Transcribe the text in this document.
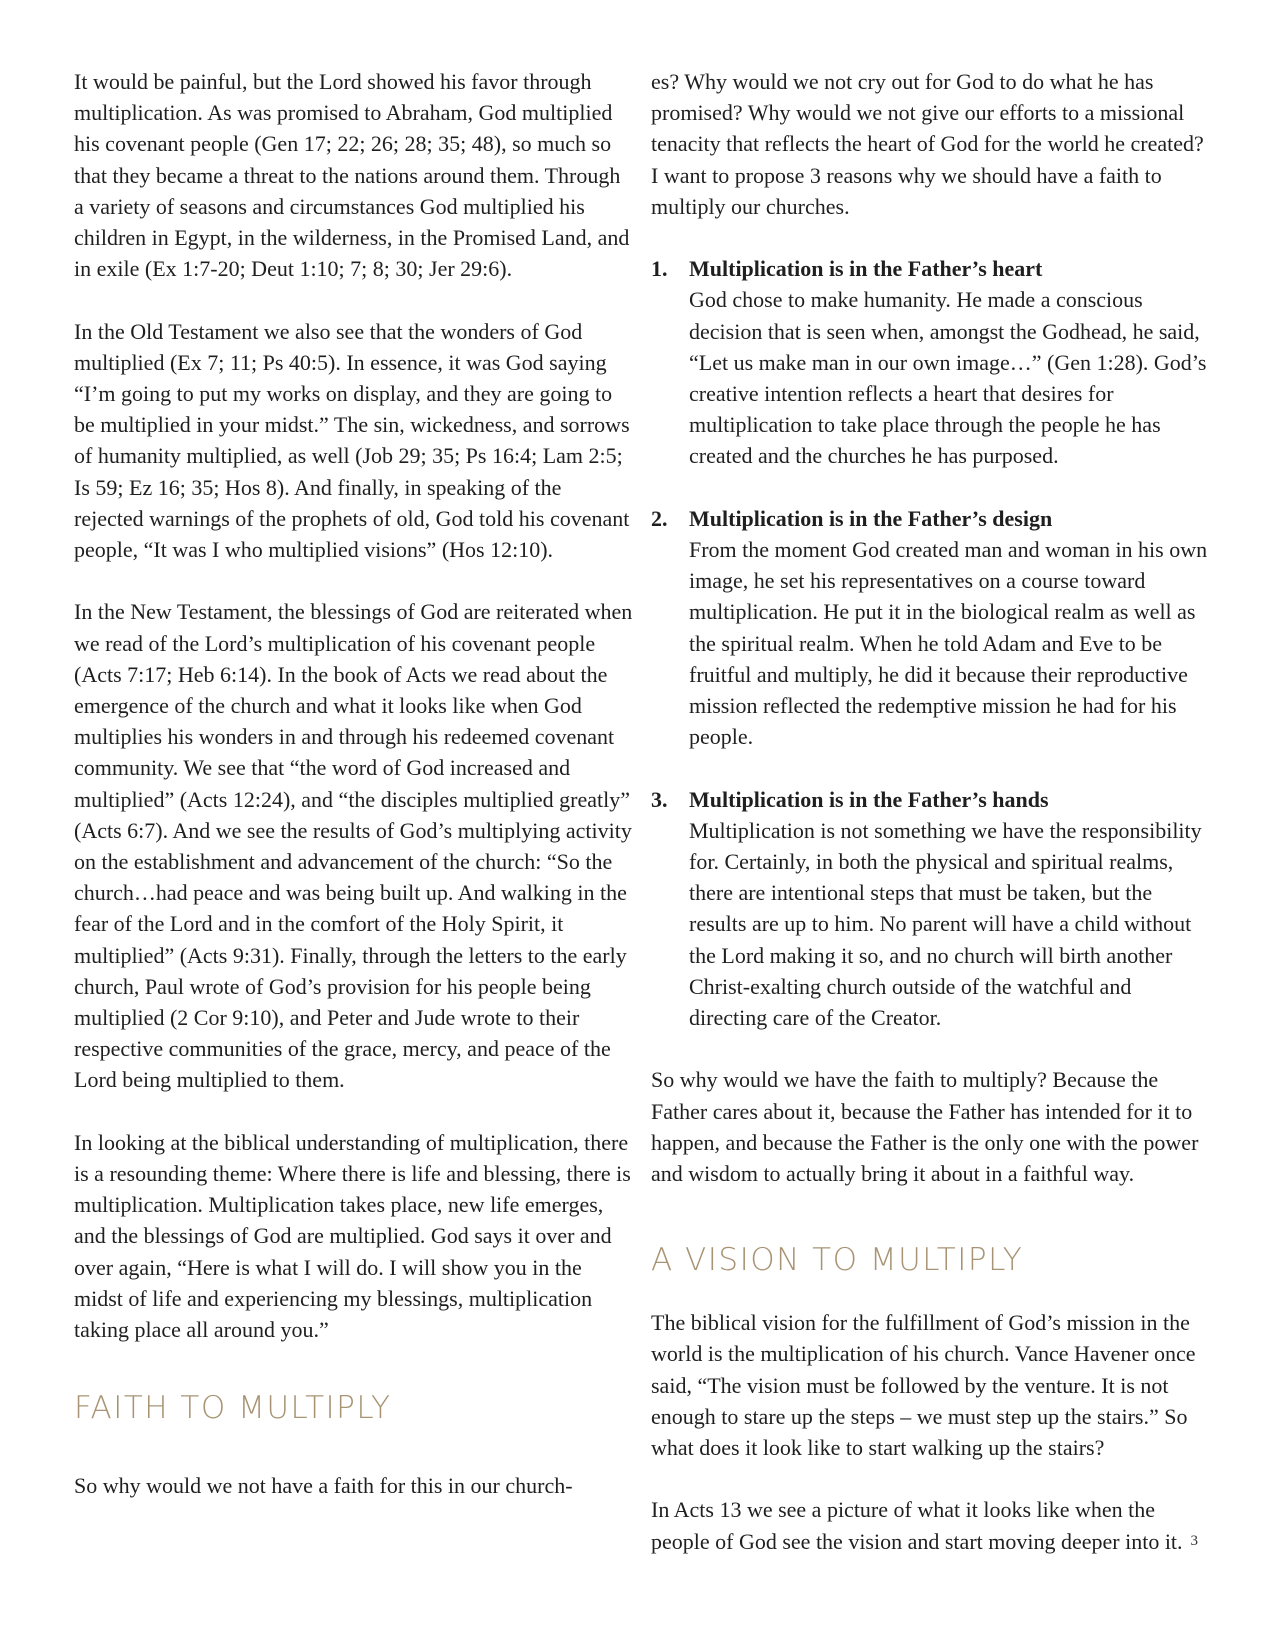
It would be painful, but the Lord showed his favor through multiplication. As was promised to Abraham, God multiplied his covenant people (Gen 17; 22; 26; 28; 35; 48), so much so that they became a threat to the nations around them. Through a variety of seasons and circumstances God multiplied his children in Egypt, in the wilderness, in the Promised Land, and in exile (Ex 1:7-20; Deut 1:10; 7; 8; 30; Jer 29:6).

In the Old Testament we also see that the wonders of God multiplied (Ex 7; 11; Ps 40:5). In essence, it was God saying “I’m going to put my works on display, and they are going to be multiplied in your midst.” The sin, wickedness, and sorrows of humanity multiplied, as well (Job 29; 35; Ps 16:4; Lam 2:5; Is 59; Ez 16; 35; Hos 8). And finally, in speaking of the rejected warnings of the prophets of old, God told his covenant people, “It was I who multiplied visions” (Hos 12:10).

In the New Testament, the blessings of God are reiterated when we read of the Lord’s multiplication of his covenant people (Acts 7:17; Heb 6:14). In the book of Acts we read about the emergence of the church and what it looks like when God multiplies his wonders in and through his redeemed covenant community. We see that “the word of God increased and multiplied” (Acts 12:24), and “the disciples multiplied greatly” (Acts 6:7). And we see the results of God’s multiplying activity on the establishment and advancement of the church: “So the church…had peace and was being built up. And walking in the fear of the Lord and in the comfort of the Holy Spirit, it multiplied” (Acts 9:31). Finally, through the letters to the early church, Paul wrote of God’s provision for his people being multiplied (2 Cor 9:10), and Peter and Jude wrote to their respective communities of the grace, mercy, and peace of the Lord being multiplied to them.

In looking at the biblical understanding of multiplication, there is a resounding theme: Where there is life and blessing, there is multiplication. Multiplication takes place, new life emerges, and the blessings of God are multiplied. God says it over and over again, “Here is what I will do. I will show you in the midst of life and experiencing my blessings, multiplication taking place all around you.”

FAITH TO MULTIPLY

So why would we not have a faith for this in our church-

es? Why would we not cry out for God to do what he has promised? Why would we not give our efforts to a missional tenacity that reflects the heart of God for the world he created? I want to propose 3 reasons why we should have a faith to multiply our churches.

1. Multiplication is in the Father’s heart

God chose to make humanity. He made a conscious decision that is seen when, amongst the Godhead, he said, “Let us make man in our own image…” (Gen 1:28). God’s creative intention reflects a heart that desires for multiplication to take place through the people he has created and the churches he has purposed.

2. Multiplication is in the Father’s design

From the moment God created man and woman in his own image, he set his representatives on a course toward multiplication. He put it in the biological realm as well as the spiritual realm. When he told Adam and Eve to be fruitful and multiply, he did it because their reproductive mission reflected the redemptive mission he had for his people.

3. Multiplication is in the Father’s hands

Multiplication is not something we have the responsibility for. Certainly, in both the physical and spiritual realms, there are intentional steps that must be taken, but the results are up to him. No parent will have a child without the Lord making it so, and no church will birth another Christ-exalting church outside of the watchful and directing care of the Creator.

So why would we have the faith to multiply? Because the Father cares about it, because the Father has intended for it to happen, and because the Father is the only one with the power and wisdom to actually bring it about in a faithful way.

A VISION TO MULTIPLY

The biblical vision for the fulfillment of God’s mission in the world is the multiplication of his church. Vance Havener once said, “The vision must be followed by the venture. It is not enough to stare up the steps – we must step up the stairs.” So what does it look like to start walking up the stairs?

In Acts 13 we see a picture of what it looks like when the people of God see the vision and start moving deeper into it. 3
